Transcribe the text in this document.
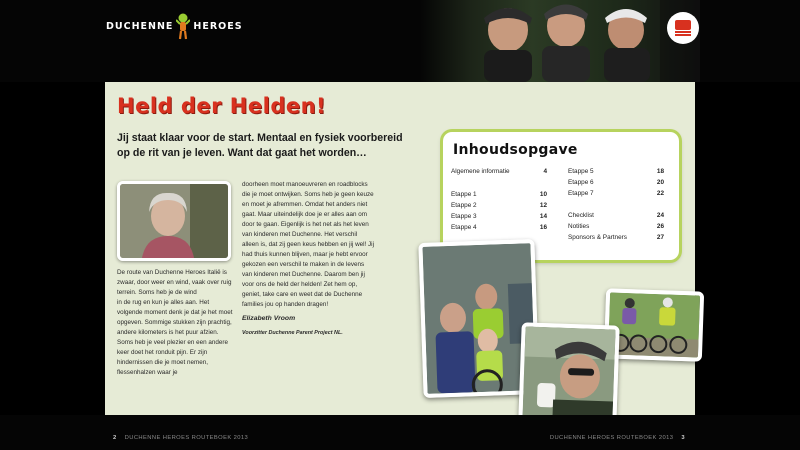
DUCHENNE HEROES
Held der Helden!

Jij staat klaar voor de start. Mentaal en fysiek voorbereid op de rit van je leven. Want dat gaat het worden…

De route van Duchenne Heroes Italië is zwaar, door weer en wind, vaak over ruig terrein. Soms heb je de wind

in de rug en kun je alles aan. Het volgende moment denk je dat je het moet opgeven. Sommige stukken zijn prachtig, andere kilometers is het puur afzien. Soms heb je veel plezier en een andere keer doet het ronduit pijn. Er zijn hindernissen die je moet nemen, flessenhalzen waar je

doorheen moet manoeuvreren en roadblocks die je moet ontwijken. Soms heb je geen keuze en moet je afremmen. Omdat het anders niet gaat. Maar uiteindelijk doe je er alles aan om door te gaan. Eigenlijk is het net als het leven van kinderen met Duchenne. Het verschil alleen is, dat zij geen keus hebben en jij wel! Jij had thuis kunnen blijven, maar je hebt ervoor gekozen een verschil te maken in de levens van kinderen met Duchenne. Daarom ben jij voor ons de held der helden! Zet hem op, geniet, take care en weet dat de Duchenne families jou op handen dragen!

Elizabeth Vroom

Voorzitter Duchenne Parent Project NL.

Inhoudsopgave
Algemene informatie	4
Etappe 1	10
Etappe 2	12
Etappe 3	14
Etappe 4	16
Etappe 5	18
Etappe 6	20
Etappe 7	22
Checklist	24
Notities	26
Sponsors & Partners	27
2 DUCHENNE HEROES ROUTEBOEK 2013	DUCHENNE HEROES ROUTEBOEK 2013 3
